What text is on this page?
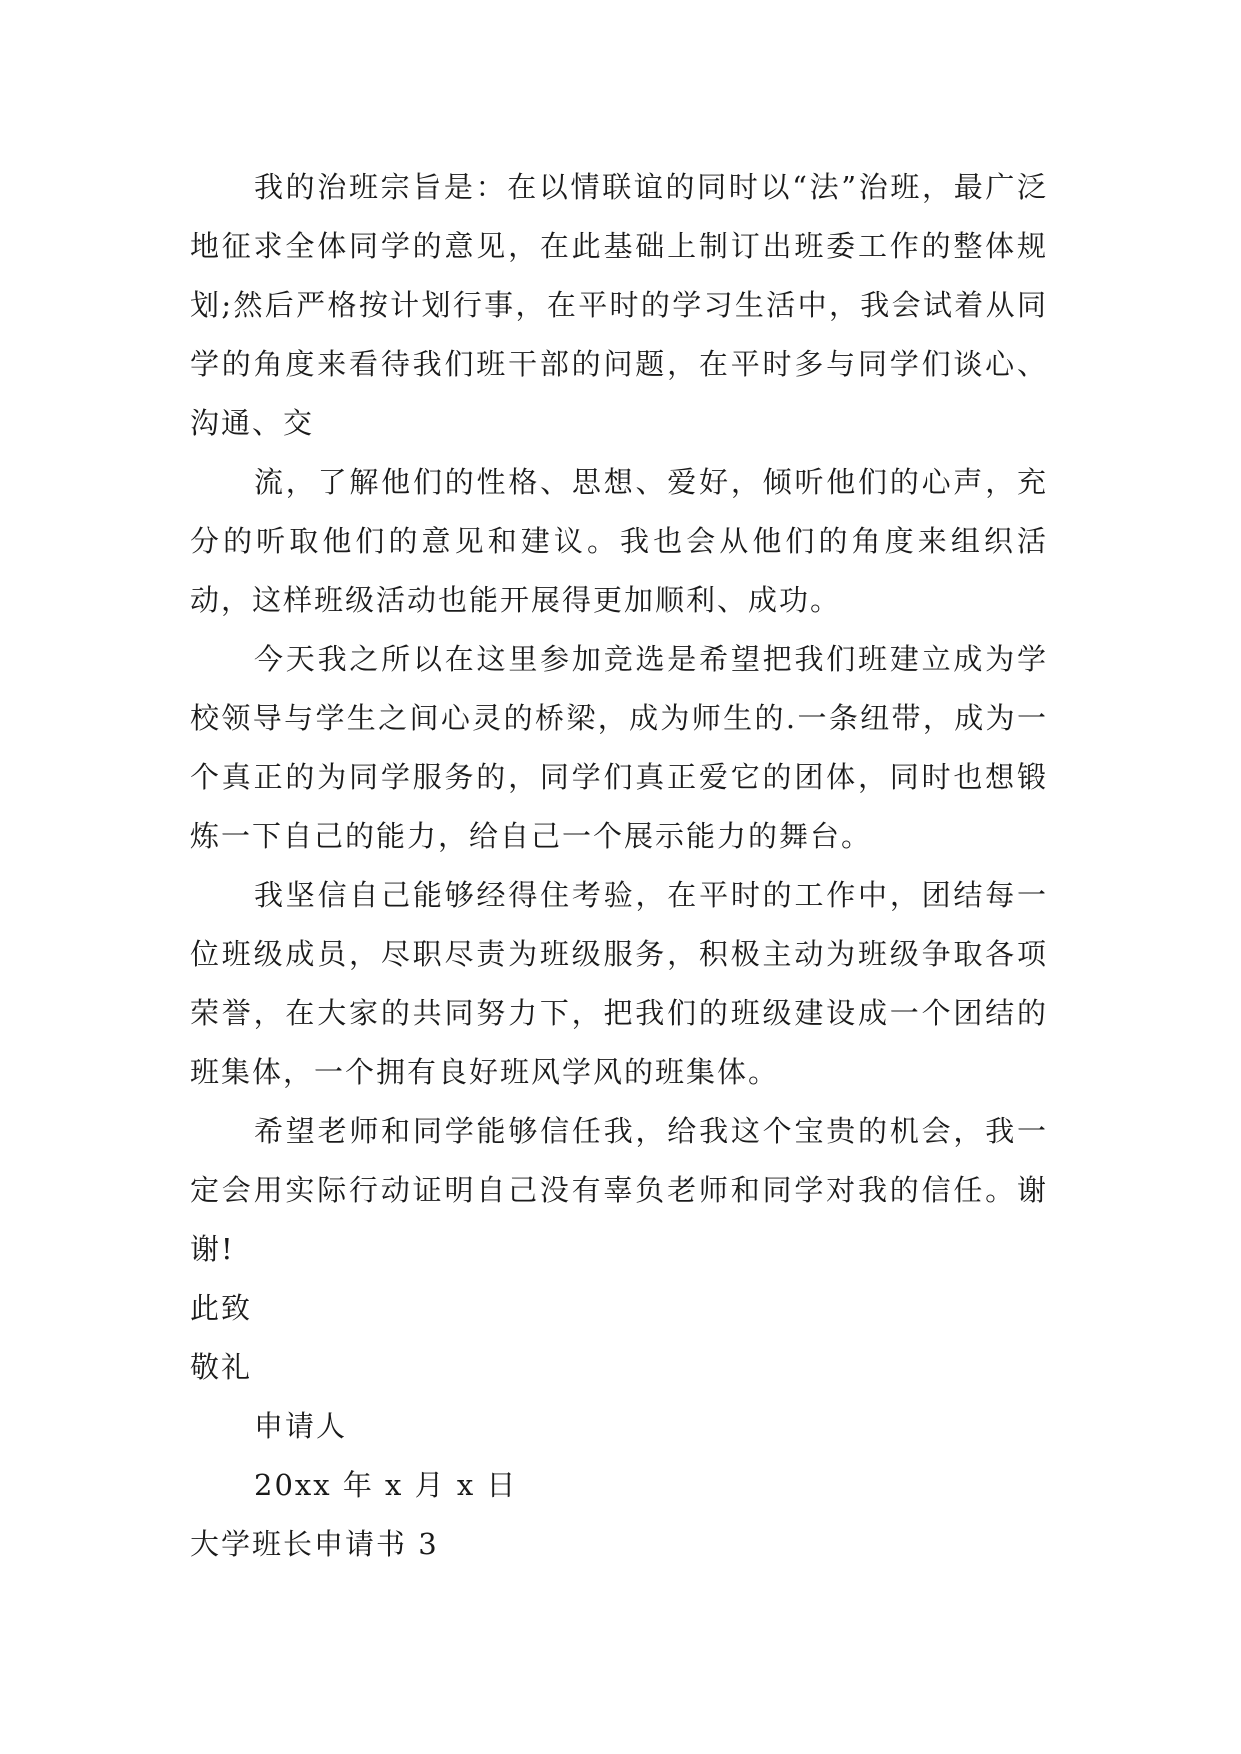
我的治班宗旨是：在以情联谊的同时以“法”治班，最广泛地征求全体同学的意见，在此基础上制订出班委工作的整体规划;然后严格按计划行事，在平时的学习生活中，我会试着从同学的角度来看待我们班干部的问题，在平时多与同学们谈心、沟通、交

流，了解他们的性格、思想、爱好，倾听他们的心声，充分的听取他们的意见和建议。我也会从他们的角度来组织活动，这样班级活动也能开展得更加顺利、成功。

今天我之所以在这里参加竞选是希望把我们班建立成为学校领导与学生之间心灵的桥梁，成为师生的.一条纽带，成为一个真正的为同学服务的，同学们真正爱它的团体，同时也想锻炼一下自己的能力，给自己一个展示能力的舞台。

我坚信自己能够经得住考验，在平时的工作中，团结每一位班级成员，尽职尽责为班级服务，积极主动为班级争取各项荣誉，在大家的共同努力下，把我们的班级建设成一个团结的班集体，一个拥有良好班风学风的班集体。

希望老师和同学能够信任我，给我这个宝贵的机会，我一定会用实际行动证明自己没有辜负老师和同学对我的信任。谢谢!

此致

敬礼

申请人

20xx 年 x 月 x 日

大学班长申请书 3
